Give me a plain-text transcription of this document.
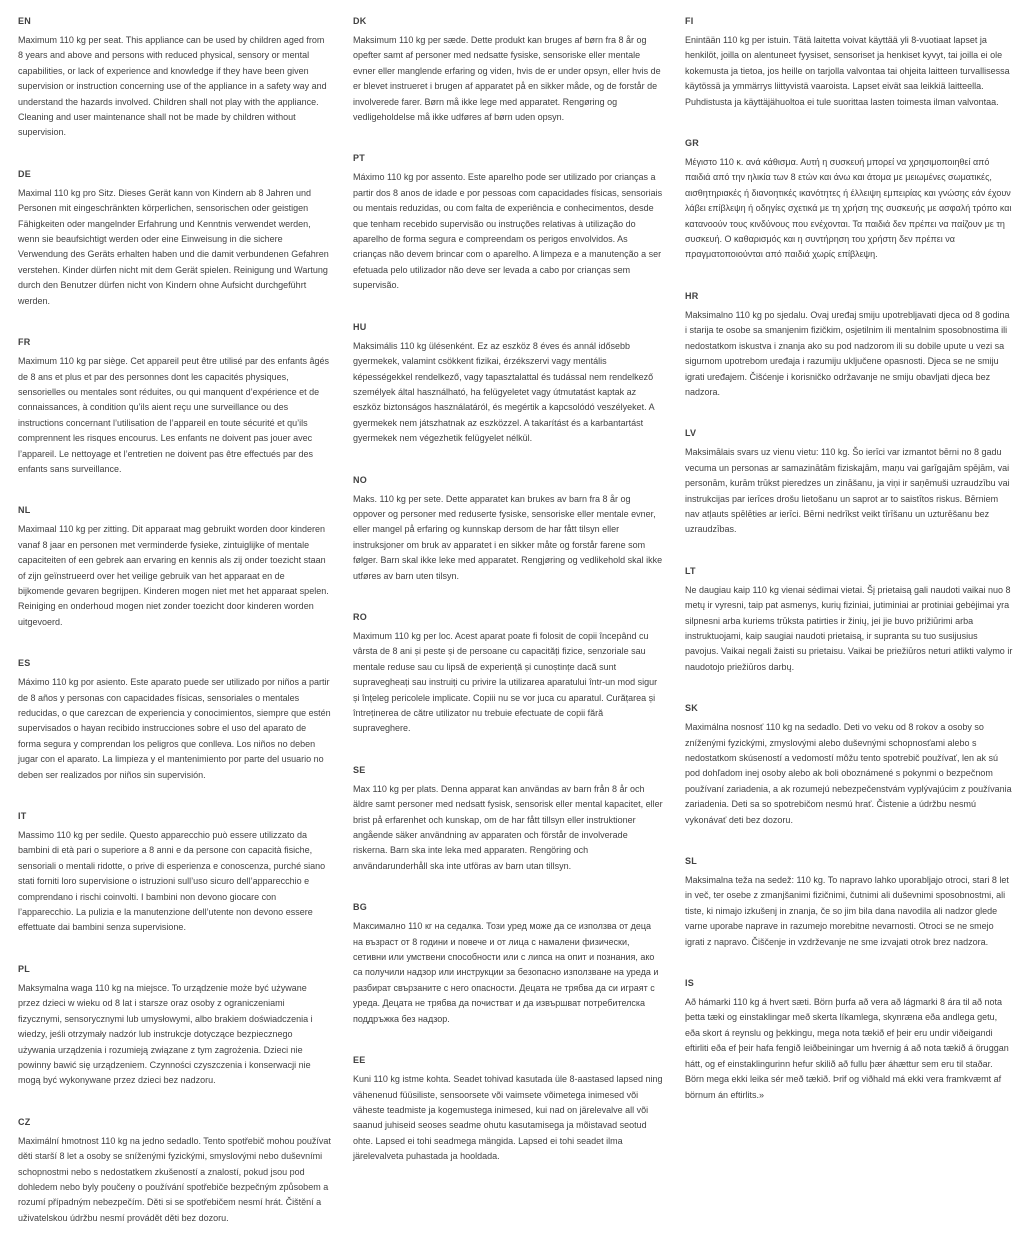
EN

Maximum 110 kg per seat. This appliance can be used by children aged from 8 years and above and persons with reduced physical, sensory or mental capabilities, or lack of experience and knowledge if they have been given supervision or instruction concerning use of the appliance in a safety way and understand the hazards involved. Children shall not play with the appliance. Cleaning and user maintenance shall not be made by children without supervision.

DE

Maximal 110 kg pro Sitz. Dieses Gerät kann von Kindern ab 8 Jahren und Personen mit eingeschränkten körperlichen, sensorischen oder geistigen Fähigkeiten oder mangelnder Erfahrung und Kenntnis verwendet werden, wenn sie beaufsichtigt werden oder eine Einweisung in die sichere Verwendung des Geräts erhalten haben und die damit verbundenen Gefahren verstehen. Kinder dürfen nicht mit dem Gerät spielen. Reinigung und Wartung durch den Benutzer dürfen nicht von Kindern ohne Aufsicht durchgeführt werden.

FR

Maximum 110 kg par siège. Cet appareil peut être utilisé par des enfants âgés de 8 ans et plus et par des personnes dont les capacités physiques, sensorielles ou mentales sont réduites, ou qui manquent d’expérience et de connaissances, à condition qu’ils aient reçu une surveillance ou des instructions concernant l’utilisation de l’appareil en toute sécurité et qu’ils comprennent les risques encourus. Les enfants ne doivent pas jouer avec l’appareil. Le nettoyage et l’entretien ne doivent pas être effectués par des enfants sans surveillance.

NL

Maximaal 110 kg per zitting. Dit apparaat mag gebruikt worden door kinderen vanaf 8 jaar en personen met verminderde fysieke, zintuiglijke of mentale capaciteiten of een gebrek aan ervaring en kennis als zij onder toezicht staan of zijn geïnstrueerd over het veilige gebruik van het apparaat en de bijkomende gevaren begrijpen. Kinderen mogen niet met het apparaat spelen. Reiniging en onderhoud mogen niet zonder toezicht door kinderen worden uitgevoerd.

ES

Máximo 110 kg por asiento. Este aparato puede ser utilizado por niños a partir de 8 años y personas con capacidades físicas, sensoriales o mentales reducidas, o que carezcan de experiencia y conocimientos, siempre que estén supervisados o hayan recibido instrucciones sobre el uso del aparato de forma segura y comprendan los peligros que conlleva. Los niños no deben jugar con el aparato. La limpieza y el mantenimiento por parte del usuario no deben ser realizados por niños sin supervisión.

IT

Massimo 110 kg per sedile. Questo apparecchio può essere utilizzato da bambini di età pari o superiore a 8 anni e da persone con capacità fisiche, sensoriali o mentali ridotte, o prive di esperienza e conoscenza, purché siano stati forniti loro supervisione o istruzioni sull’uso sicuro dell’apparecchio e comprendano i rischi coinvolti. I bambini non devono giocare con l’apparecchio. La pulizia e la manutenzione dell’utente non devono essere effettuate dai bambini senza supervisione.

PL

Maksymalna waga 110 kg na miejsce. To urządzenie może być używane przez dzieci w wieku od 8 lat i starsze oraz osoby z ograniczeniami fizycznymi, sensorycznymi lub umysłowymi, albo brakiem doświadczenia i wiedzy, jeśli otrzymały nadzór lub instrukcje dotyczące bezpiecznego używania urządzenia i rozumieją związane z tym zagrożenia. Dzieci nie powinny bawić się urządzeniem. Czynności czyszczenia i konserwacji nie mogą być wykonywane przez dzieci bez nadzoru.

CZ

Maximální hmotnost 110 kg na jedno sedadlo. Tento spotřebič mohou používat děti starší 8 let a osoby se sníženými fyzickými, smyslovými nebo duševními schopnostmi nebo s nedostatkem zkušeností a znalostí, pokud jsou pod dohledem nebo byly poučeny o používání spotřebiče bezpečným způsobem a rozumí případným nebezpečím. Děti si se spotřebičem nesmí hrát. Čištění a uživatelskou údržbu nesmí provádět děti bez dozoru.

DK

Maksimum 110 kg per sæde. Dette produkt kan bruges af børn fra 8 år og opefter samt af personer med nedsatte fysiske, sensoriske eller mentale evner eller manglende erfaring og viden, hvis de er under opsyn, eller hvis de er blevet instrueret i brugen af apparatet på en sikker måde, og de forstår de involverede farer. Børn må ikke lege med apparatet. Rengøring og vedligeholdelse må ikke udføres af børn uden opsyn.

PT

Máximo 110 kg por assento. Este aparelho pode ser utilizado por crianças a partir dos 8 anos de idade e por pessoas com capacidades físicas, sensoriais ou mentais reduzidas, ou com falta de experiência e conhecimentos, desde que tenham recebido supervisão ou instruções relativas à utilização do aparelho de forma segura e compreendam os perigos envolvidos. As crianças não devem brincar com o aparelho. A limpeza e a manutenção a ser efetuada pelo utilizador não deve ser levada a cabo por crianças sem supervisão.

HU

Maksimális 110 kg ülésenként. Ez az eszköz 8 éves és annál idősebb gyermekek, valamint csökkent fizikai, érzékszervi vagy mentális képességekkel rendelkező, vagy tapasztalattal és tudással nem rendelkező személyek által használható, ha felügyeletet vagy útmutatást kaptak az eszköz biztonságos használatáról, és megértik a kapcsolódó veszélyeket. A gyermekek nem játszhatnak az eszközzel. A takarítást és a karbantartást gyermekek nem végezhetik felügyelet nélkül.

NO

Maks. 110 kg per sete. Dette apparatet kan brukes av barn fra 8 år og oppover og personer med reduserte fysiske, sensoriske eller mentale evner, eller mangel på erfaring og kunnskap dersom de har fått tilsyn eller instruksjoner om bruk av apparatet i en sikker måte og forstår farene som følger. Barn skal ikke leke med apparatet. Rengjøring og vedlikehold skal ikke utføres av barn uten tilsyn.

RO

Maximum 110 kg per loc. Acest aparat poate fi folosit de copii începând cu vârsta de 8 ani și peste și de persoane cu capacități fizice, senzoriale sau mentale reduse sau cu lipsă de experiență și cunoștințe dacă sunt supravegheați sau instruiți cu privire la utilizarea aparatului într-un mod sigur și înțeleg pericolele implicate. Copiii nu se vor juca cu aparatul. Curățarea și întreținerea de către utilizator nu trebuie efectuate de copii fără supraveghere.

SE

Max 110 kg per plats. Denna apparat kan användas av barn från 8 år och äldre samt personer med nedsatt fysisk, sensorisk eller mental kapacitet, eller brist på erfarenhet och kunskap, om de har fått tillsyn eller instruktioner angående säker användning av apparaten och förstår de involverade riskerna. Barn ska inte leka med apparaten. Rengöring och användarunderhåll ska inte utföras av barn utan tillsyn.

BG

Максимално 110 кг на седалка. Този уред може да се използва от деца на възраст от 8 години и повече и от лица с намалени физически, сетивни или умствени способности или с липса на опит и познания, ако са получили надзор или инструкции за безопасно използване на уреда и разбират свързаните с него опасности. Децата не трябва да си играят с уреда. Децата не трябва да почистват и да извършват потребителска поддръжка без надзор.

EE

Kuni 110 kg istme kohta. Seadet tohivad kasutada üle 8-aastased lapsed ning vähenenud füüsiliste, sensoorsete või vaimsete võimetega inimesed või väheste teadmiste ja kogemustega inimesed, kui nad on järelevalve all või saanud juhiseid seoses seadme ohutu kasutamisega ja mõistavad seotud ohte. Lapsed ei tohi seadmega mängida. Lapsed ei tohi seadet ilma järelevalveta puhastada ja hooldada.

FI

Enintään 110 kg per istuin. Tätä laitetta voivat käyttää yli 8-vuotiaat lapset ja henkilöt, joilla on alentuneet fyysiset, sensoriset ja henkiset kyvyt, tai joilla ei ole kokemusta ja tietoa, jos heille on tarjolla valvontaa tai ohjeita laitteen turvallisessa käytössä ja ymmärrys liittyvistä vaaroista. Lapset eivät saa leikkiä laitteella. Puhdistusta ja käyttäjähuoltoa ei tule suorittaa lasten toimesta ilman valvontaa.

GR

Μέγιστο 110 κ. ανά κάθισμα. Αυτή η συσκευή μπορεί να χρησιμοποιηθεί από παιδιά από την ηλικία των 8 ετών και άνω και άτομα με μειωμένες σωματικές, αισθητηριακές ή διανοητικές ικανότητες ή έλλειψη εμπειρίας και γνώσης εάν έχουν λάβει επίβλεψη ή οδηγίες σχετικά με τη χρήση της συσκευής με ασφαλή τρόπο και κατανοούν τους κινδύνους που ενέχονται. Τα παιδιά δεν πρέπει να παίζουν με τη συσκευή. Ο καθαρισμός και η συντήρηση του χρήστη δεν πρέπει να πραγματοποιούνται από παιδιά χωρίς επίβλεψη.

HR

Maksimalno 110 kg po sjedalu. Ovaj uređaj smiju upotrebljavati djeca od 8 godina i starija te osobe sa smanjenim fizičkim, osjetilnim ili mentalnim sposobnostima ili nedostatkom iskustva i znanja ako su pod nadzorom ili su dobile upute u vezi sa sigurnom upotrebom uređaja i razumiju uključene opasnosti. Djeca se ne smiju igrati uređajem. Čišćenje i korisničko održavanje ne smiju obavljati djeca bez nadzora.

LV

Maksimālais svars uz vienu vietu: 110 kg. Šo ierīci var izmantot bērni no 8 gadu vecuma un personas ar samazinātām fiziskajām, maņu vai garīgajām spējām, vai personām, kurām trūkst pieredzes un zināšanu, ja viņi ir saņēmuši uzraudzību vai instrukcijas par ierīces drošu lietošanu un saprot ar to saistītos riskus. Bērniem nav atļauts spēlēties ar ierīci. Bērni nedrīkst veikt tīrīšanu un uzturēšanu bez uzraudzības.

LT

Ne daugiau kaip 110 kg vienai sėdimai vietai. Šį prietaisą gali naudoti vaikai nuo 8 metų ir vyresni, taip pat asmenys, kurių fiziniai, jutiminiai ar protiniai gebėjimai yra silpnesni arba kuriems trūksta patirties ir žinių, jei jie buvo prižiūrimi arba instruktuojami, kaip saugiai naudoti prietaisą, ir supranta su tuo susijusius pavojus. Vaikai negali žaisti su prietaisu. Vaikai be priežiūros neturi atlikti valymo ir naudotojo priežiūros darbų.

SK

Maximálna nosnosť 110 kg na sedadlo. Deti vo veku od 8 rokov a osoby so zníženými fyzickými, zmyslovými alebo duševnými schopnosťami alebo s nedostatkom skúseností a vedomostí môžu tento spotrebič používať, len ak sú pod dohľadom inej osoby alebo ak boli oboznámené s pokynmi o bezpečnom používaní zariadenia, a ak rozumejú nebezpečenstvám vyplývajúcim z používania zariadenia. Deti sa so spotrebičom nesmú hrať. Čistenie a údržbu nesmú vykonávať deti bez dozoru.

SL

Maksimalna teža na sedež: 110 kg. To napravo lahko uporabljajo otroci, stari 8 let in več, ter osebe z zmanjšanimi fizičnimi, čutnimi ali duševnimi sposobnostmi, ali tiste, ki nimajo izkušenj in znanja, če so jim bila dana navodila ali nadzor glede varne uporabe naprave in razumejo morebitne nevarnosti. Otroci se ne smejo igrati z napravo. Čiščenje in vzdrževanje ne sme izvajati otrok brez nadzora.

IS

Að hámarki 110 kg á hvert sæti. Börn þurfa að vera að lágmarki 8 ára til að nota þetta tæki og einstaklingar með skerta líkamlega, skynræna eða andlega getu, eða skort á reynslu og þekkingu, mega nota tækið ef þeir eru undir viðeigandi eftirliti eða ef þeir hafa fengið leiðbeiningar um hvernig á að nota tækið á öruggan hátt, og ef einstaklingurinn hefur skilið að fullu þær áhættur sem eru til staðar. Börn mega ekki leika sér með tækið. Þrif og viðhald má ekki vera framkvæmt af börnum án eftirlits.»
